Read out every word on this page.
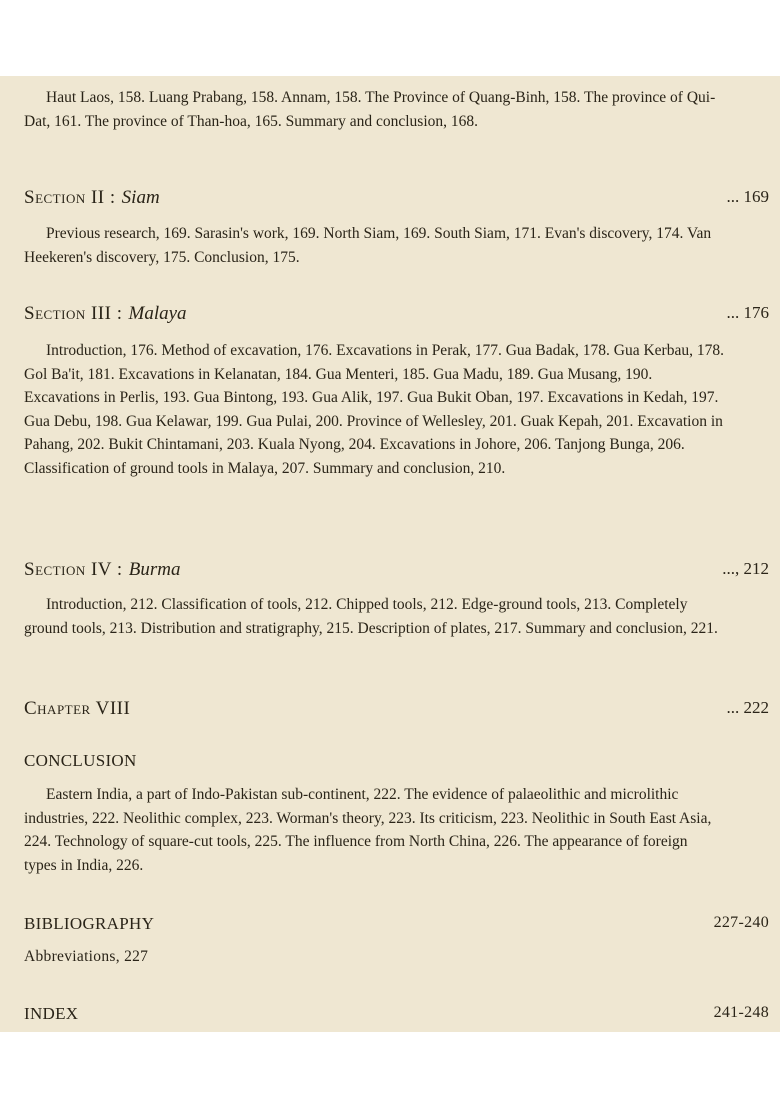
Haut Laos, 158. Luang Prabang, 158. Annam, 158. The Province of Quang-Binh, 158. The province of Qui-Dat, 161. The province of Than-hoa, 165. Summary and conclusion, 168.

Section II : Siam	... 169

Previous research, 169. Sarasin's work, 169. North Siam, 169. South Siam, 171. Evan's discovery, 174. Van Heekeren's discovery, 175. Conclusion, 175.

Section III : Malaya	... 176

Introduction, 176. Method of excavation, 176. Excavations in Perak, 177. Gua Badak, 178. Gua Kerbau, 178. Gol Ba'it, 181. Excavations in Kelanatan, 184. Gua Menteri, 185. Gua Madu, 189. Gua Musang, 190. Excavations in Perlis, 193. Gua Bintong, 193. Gua Alik, 197. Gua Bukit Oban, 197. Excavations in Kedah, 197. Gua Debu, 198. Gua Kelawar, 199. Gua Pulai, 200. Province of Wellesley, 201. Guak Kepah, 201. Excavation in Pahang, 202. Bukit Chintamani, 203. Kuala Nyong, 204. Excavations in Johore, 206. Tanjong Bunga, 206. Classification of ground tools in Malaya, 207. Summary and conclusion, 210.

Section IV : Burma	..., 212

Introduction, 212. Classification of tools, 212. Chipped tools, 212. Edge-ground tools, 213. Completely ground tools, 213. Distribution and stratigraphy, 215. Description of plates, 217. Summary and conclusion, 221.

Chapter VIII	... 222
CONCLUSION

Eastern India, a part of Indo-Pakistan sub-continent, 222. The evidence of palaeolithic and microlithic industries, 222. Neolithic complex, 223. Worman's theory, 223. Its criticism, 223. Neolithic in South East Asia, 224. Technology of square-cut tools, 225. The influence from North China, 226. The appearance of foreign types in India, 226.

BIBLIOGRAPHY	227-240
Abbreviations, 227
INDEX	241-248
